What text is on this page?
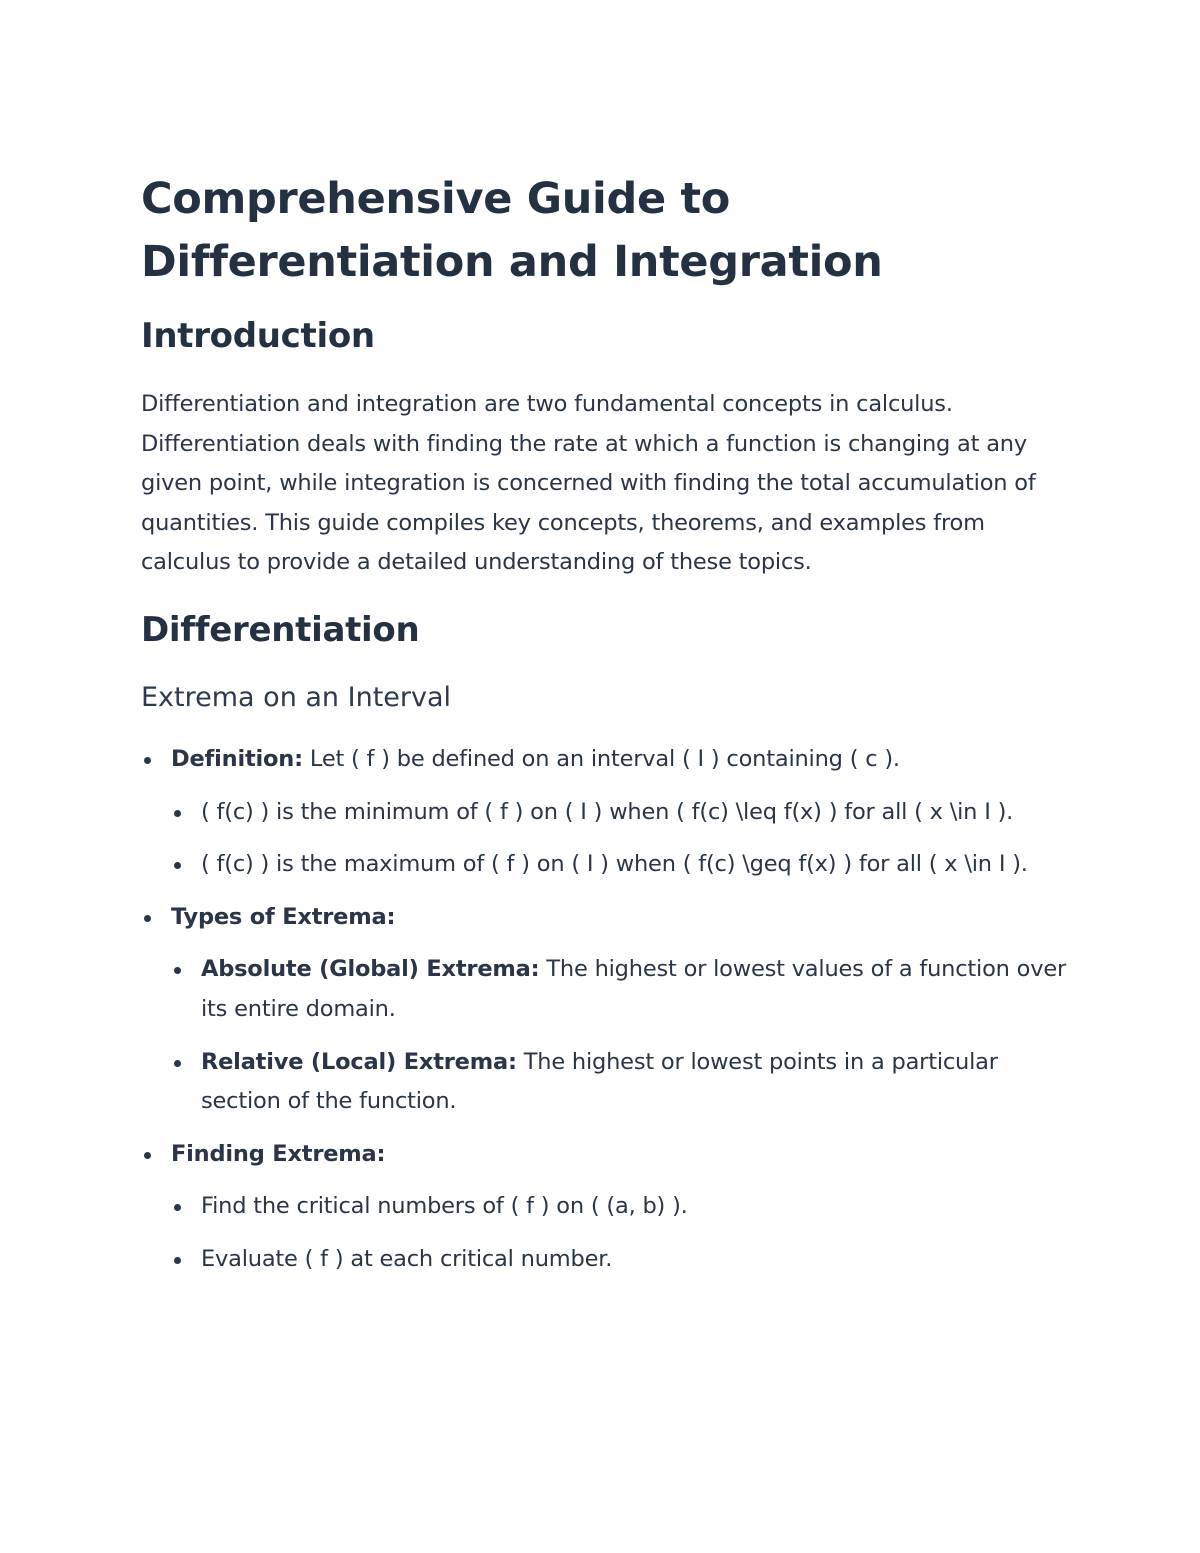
Comprehensive Guide to Differentiation and Integration
Introduction

Differentiation and integration are two fundamental concepts in calculus. Differentiation deals with finding the rate at which a function is changing at any given point, while integration is concerned with finding the total accumulation of quantities. This guide compiles key concepts, theorems, and examples from calculus to provide a detailed understanding of these topics.

Differentiation
Extrema on an Interval
Definition: Let ( f ) be defined on an interval ( I ) containing ( c ).
( f(c) ) is the minimum of ( f ) on ( I ) when ( f(c) \leq f(x) ) for all ( x \in I ).
( f(c) ) is the maximum of ( f ) on ( I ) when ( f(c) \geq f(x) ) for all ( x \in I ).
Types of Extrema:
Absolute (Global) Extrema: The highest or lowest values of a function over its entire domain.
Relative (Local) Extrema: The highest or lowest points in a particular section of the function.
Finding Extrema:
Find the critical numbers of ( f ) on ( (a, b) ).
Evaluate ( f ) at each critical number.
